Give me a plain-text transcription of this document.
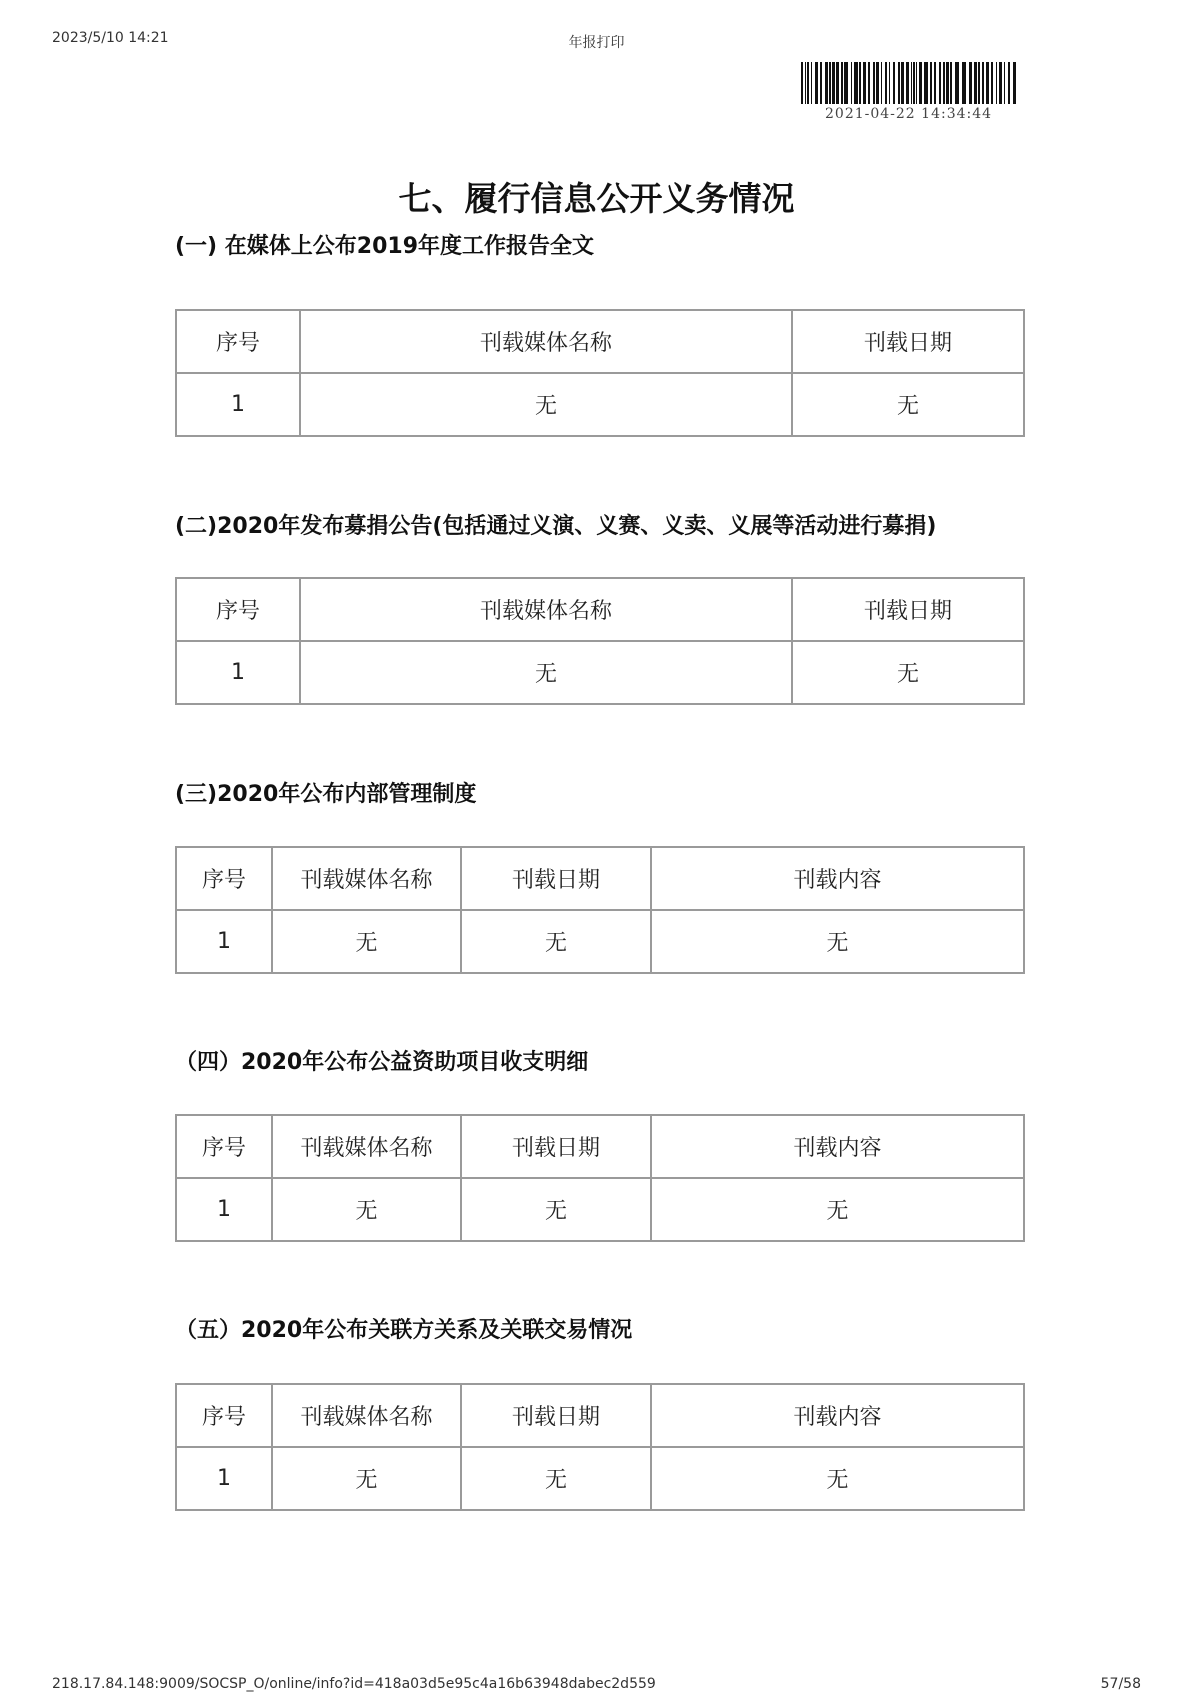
2023/5/10 14:21	年报打印
2021-04-22 14:34:44
七、履行信息公开义务情况
(一) 在媒体上公布2019年度工作报告全文
序号	刊载媒体名称	刊载日期
1	无	无
(二)2020年发布募捐公告(包括通过义演、义赛、义卖、义展等活动进行募捐)
序号	刊载媒体名称	刊载日期
1	无	无
(三)2020年公布内部管理制度
序号	刊载媒体名称	刊载日期	刊载内容
1	无	无	无
（四）2020年公布公益资助项目收支明细
序号	刊载媒体名称	刊载日期	刊载内容
1	无	无	无
（五）2020年公布关联方关系及关联交易情况
序号	刊载媒体名称	刊载日期	刊载内容
1	无	无	无
218.17.84.148:9009/SOCSP_O/online/info?id=418a03d5e95c4a16b63948dabec2d559	57/58
